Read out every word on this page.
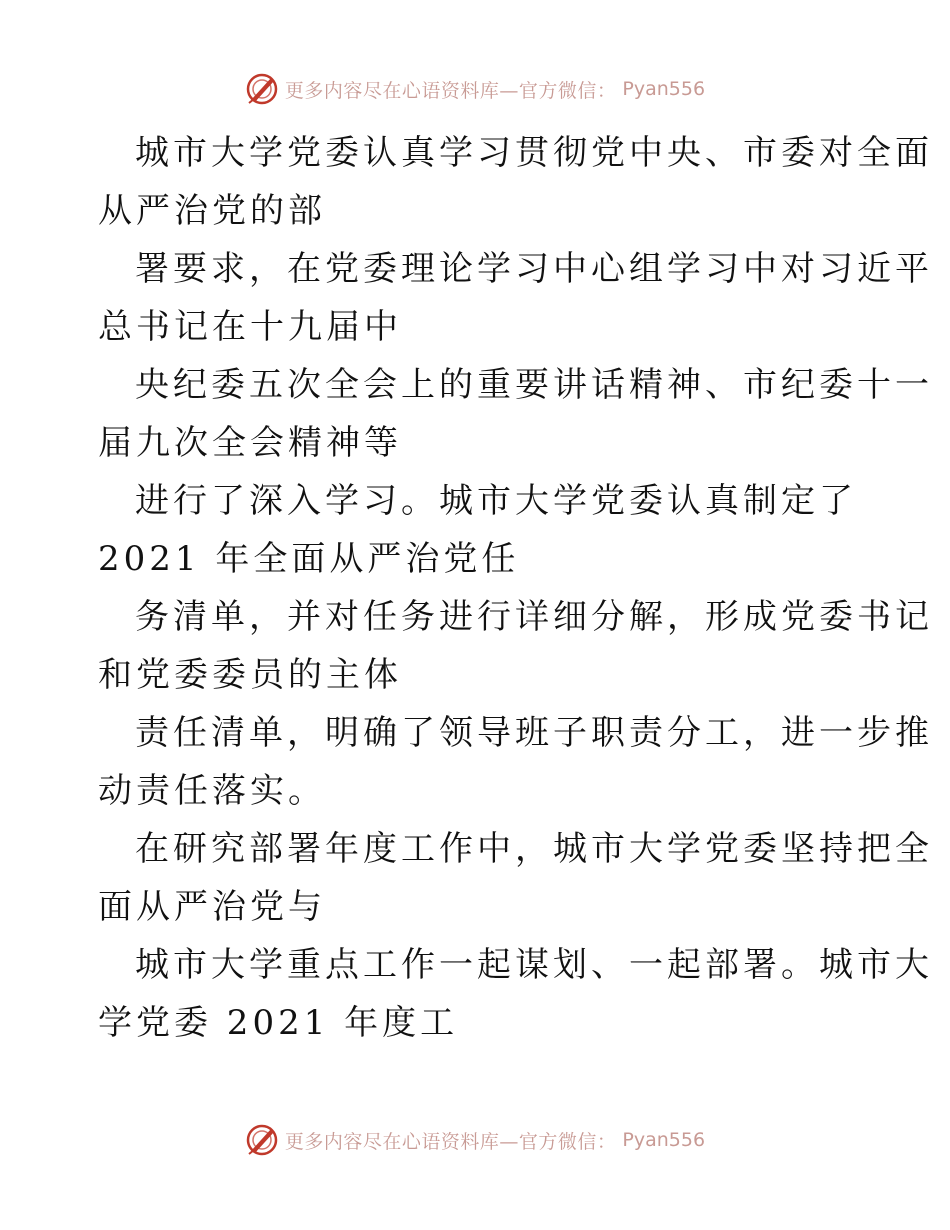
更多内容尽在心语资料库—官方微信： Pyan556

城市大学党委认真学习贯彻党中央、市委对全面
从严治党的部

署要求，在党委理论学习中心组学习中对习近平
总书记在十九届中

央纪委五次全会上的重要讲话精神、市纪委十一
届九次全会精神等

进行了深入学习。城市大学党委认真制定了
2021 年全面从严治党任

务清单，并对任务进行详细分解，形成党委书记
和党委委员的主体

责任清单，明确了领导班子职责分工，进一步推
动责任落实。

在研究部署年度工作中，城市大学党委坚持把全
面从严治党与

城市大学重点工作一起谋划、一起部署。城市大
学党委 2021 年度工

更多内容尽在心语资料库—官方微信： Pyan556
